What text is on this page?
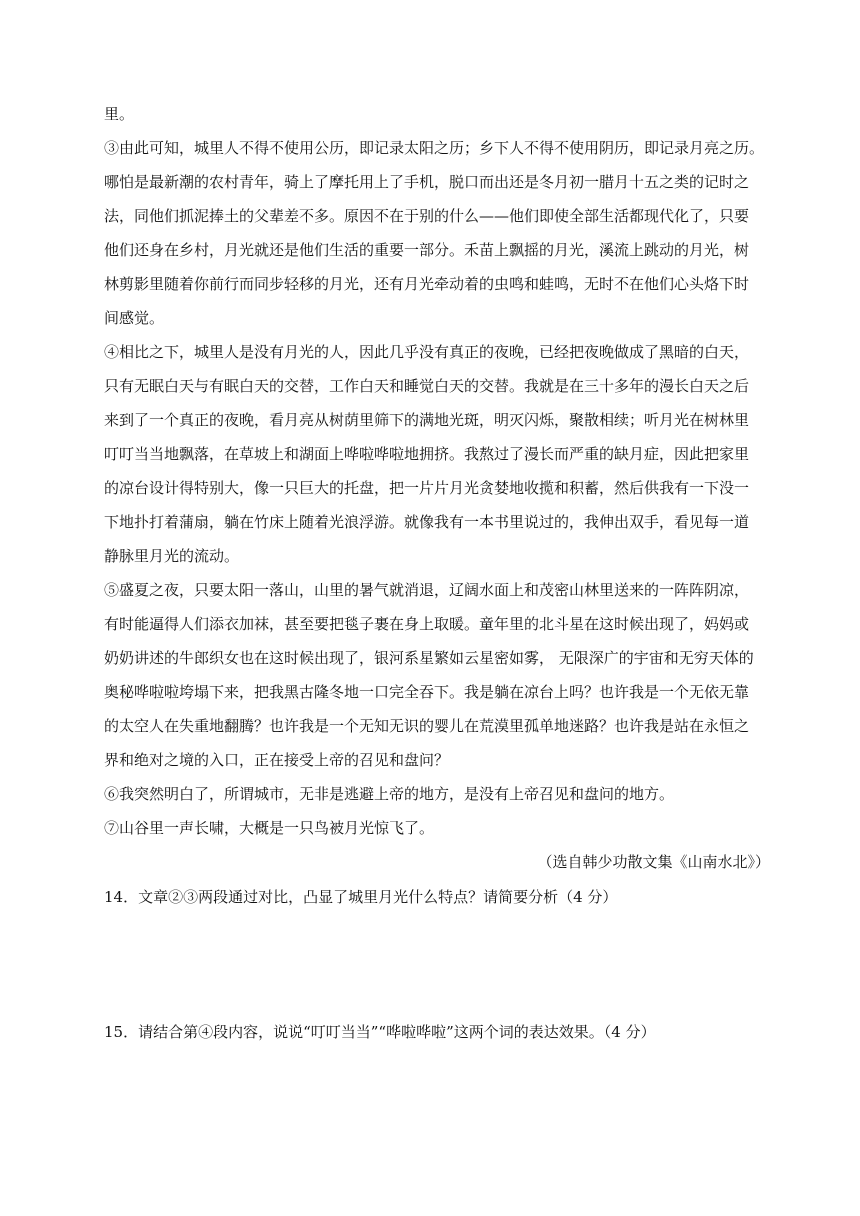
里。
③由此可知，城里人不得不使用公历，即记录太阳之历；乡下人不得不使用阴历，即记录月亮之历。
哪怕是最新潮的农村青年，骑上了摩托用上了手机，脱口而出还是冬月初一腊月十五之类的记时之
法，同他们抓泥捧土的父辈差不多。原因不在于别的什么——他们即使全部生活都现代化了，只要
他们还身在乡村，月光就还是他们生活的重要一部分。禾苗上飘摇的月光，溪流上跳动的月光，树
林剪影里随着你前行而同步轻移的月光，还有月光牵动着的虫鸣和蛙鸣，无时不在他们心头烙下时
间感觉。
④相比之下，城里人是没有月光的人，因此几乎没有真正的夜晚，已经把夜晚做成了黑暗的白天，
只有无眠白天与有眠白天的交替，工作白天和睡觉白天的交替。我就是在三十多年的漫长白天之后
来到了一个真正的夜晚，看月亮从树荫里筛下的满地光斑，明灭闪烁，聚散相续；听月光在树林里
叮叮当当地飘落，在草坡上和湖面上哗啦哗啦地拥挤。我熬过了漫长而严重的缺月症，因此把家里
的凉台设计得特别大，像一只巨大的托盘，把一片片月光贪婪地收揽和积蓄，然后供我有一下没一
下地扑打着蒲扇，躺在竹床上随着光浪浮游。就像我有一本书里说过的，我伸出双手，看见每一道
静脉里月光的流动。
⑤盛夏之夜，只要太阳一落山，山里的暑气就消退，辽阔水面上和茂密山林里送来的一阵阵阴凉，
有时能逼得人们添衣加袜，甚至要把毯子裹在身上取暖。童年里的北斗星在这时候出现了，妈妈或
奶奶讲述的牛郎织女也在这时候出现了，银河系星繁如云星密如雾， 无限深广的宇宙和无穷天体的
奥秘哗啦啦垮塌下来，把我黑古隆冬地一口完全吞下。我是躺在凉台上吗？也许我是一个无依无靠
的太空人在失重地翻腾？也许我是一个无知无识的婴儿在荒漠里孤单地迷路？也许我是站在永恒之
界和绝对之境的入口，正在接受上帝的召见和盘问？
⑥我突然明白了，所谓城市，无非是逃避上帝的地方，是没有上帝召见和盘问的地方。
⑦山谷里一声长啸，大概是一只鸟被月光惊飞了。
（选自韩少功散文集《山南水北》）
14．文章②③两段通过对比，凸显了城里月光什么特点？请简要分析（4 分）
15．请结合第④段内容，说说“叮叮当当”“哗啦哗啦”这两个词的表达效果。（4 分）
